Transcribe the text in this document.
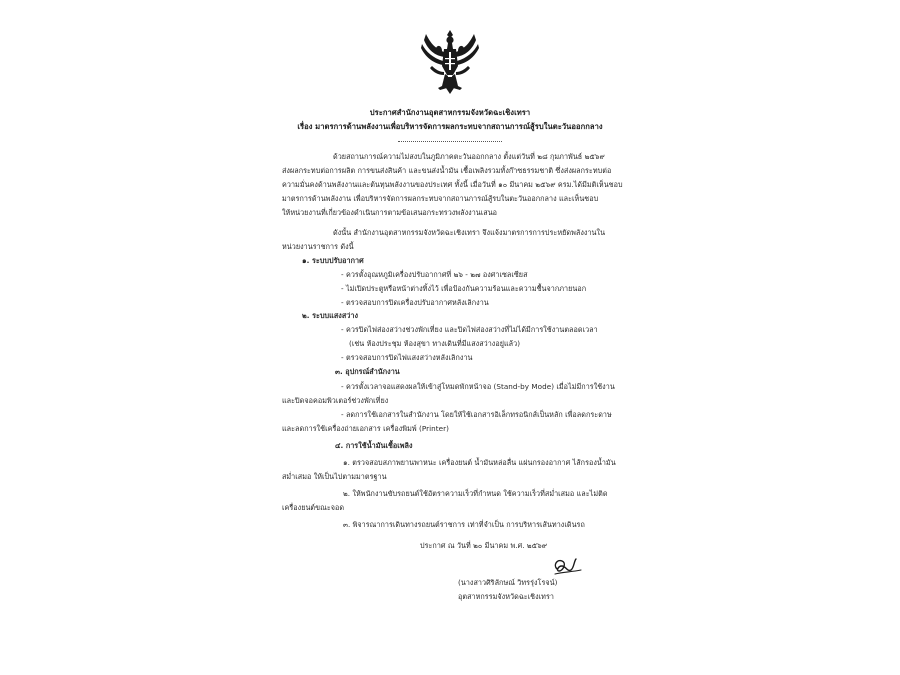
ประกาศสำนักงานอุตสาหกรรมจังหวัดฉะเชิงเทรา
เรื่อง มาตรการด้านพลังงานเพื่อบริหารจัดการผลกระทบจากสถานการณ์สู้รบในตะวันออกกลาง
ด้วยสถานการณ์ความไม่สงบในภูมิภาคตะวันออกกลาง ตั้งแต่วันที่ ๒๘ กุมภาพันธ์ ๒๕๖๙
ส่งผลกระทบต่อการผลิต การขนส่งสินค้า และขนส่งน้ำมัน เชื้อเพลิงรวมทั้งก๊าซธรรมชาติ ซึ่งส่งผลกระทบต่อ
ความมั่นคงด้านพลังงานและต้นทุนพลังงานของประเทศ ทั้งนี้ เมื่อวันที่ ๑๐ มีนาคม ๒๕๖๙ ครม.ได้มีมติเห็นชอบ
มาตรการด้านพลังงาน เพื่อบริหารจัดการผลกระทบจากสถานการณ์สู้รบในตะวันออกกลาง และเห็นชอบ
ให้หน่วยงานที่เกี่ยวข้องดำเนินการตามข้อเสนอกระทรวงพลังงานเสนอ
ดังนั้น สำนักงานอุตสาหกรรมจังหวัดฉะเชิงเทรา จึงแจ้งมาตรการการประหยัดพลังงานใน
หน่วยงานราชการ ดังนี้
๑. ระบบปรับอากาศ
- ควรตั้งอุณหภูมิเครื่องปรับอากาศที่ ๒๖ - ๒๗ องศาเซลเซียส
- ไม่เปิดประตูหรือหน้าต่างทิ้งไว้ เพื่อป้องกันความร้อนและความชื้นจากภายนอก
- ตรวจสอบการปิดเครื่องปรับอากาศหลังเลิกงาน
๒. ระบบแสงสว่าง
- ควรปิดไฟส่องสว่างช่วงพักเที่ยง และปิดไฟส่องสว่างที่ไม่ได้มีการใช้งานตลอดเวลา
(เช่น ห้องประชุม ห้องสุขา ทางเดินที่มีแสงสว่างอยู่แล้ว)
- ตรวจสอบการปิดไฟแสงสว่างหลังเลิกงาน
๓. อุปกรณ์สำนักงาน
- ควรตั้งเวลาจอแสดงผลให้เข้าสู่โหมดพักหน้าจอ (Stand-by Mode) เมื่อไม่มีการใช้งาน
และปิดจอคอมพิวเตอร์ช่วงพักเที่ยง
- ลดการใช้เอกสารในสำนักงาน โดยให้ใช้เอกสารอิเล็กทรอนิกส์เป็นหลัก เพื่อลดกระดาษ
และลดการใช้เครื่องถ่ายเอกสาร เครื่องพิมพ์ (Printer)
๔. การใช้น้ำมันเชื้อเพลิง
๑. ตรวจสอบสภาพยานพาหนะ เครื่องยนต์ น้ำมันหล่อลื่น แผ่นกรองอากาศ ไส้กรองน้ำมัน
สม่ำเสมอ ให้เป็นไปตามมาตรฐาน
๒. ให้พนักงานขับรถยนต์ใช้อัตราความเร็วที่กำหนด ใช้ความเร็วที่สม่ำเสมอ และไม่ติด
เครื่องยนต์ขณะจอด
๓. พิจารณาการเดินทางรถยนต์ราชการ เท่าที่จำเป็น การบริหารเส้นทางเดินรถ
ประกาศ ณ วันที่ ๒๐ มีนาคม พ.ศ. ๒๕๖๙
(นางสาวศิริลักษณ์ วิทรรุ่งโรจน์)
อุตสาหกรรมจังหวัดฉะเชิงเทรา
